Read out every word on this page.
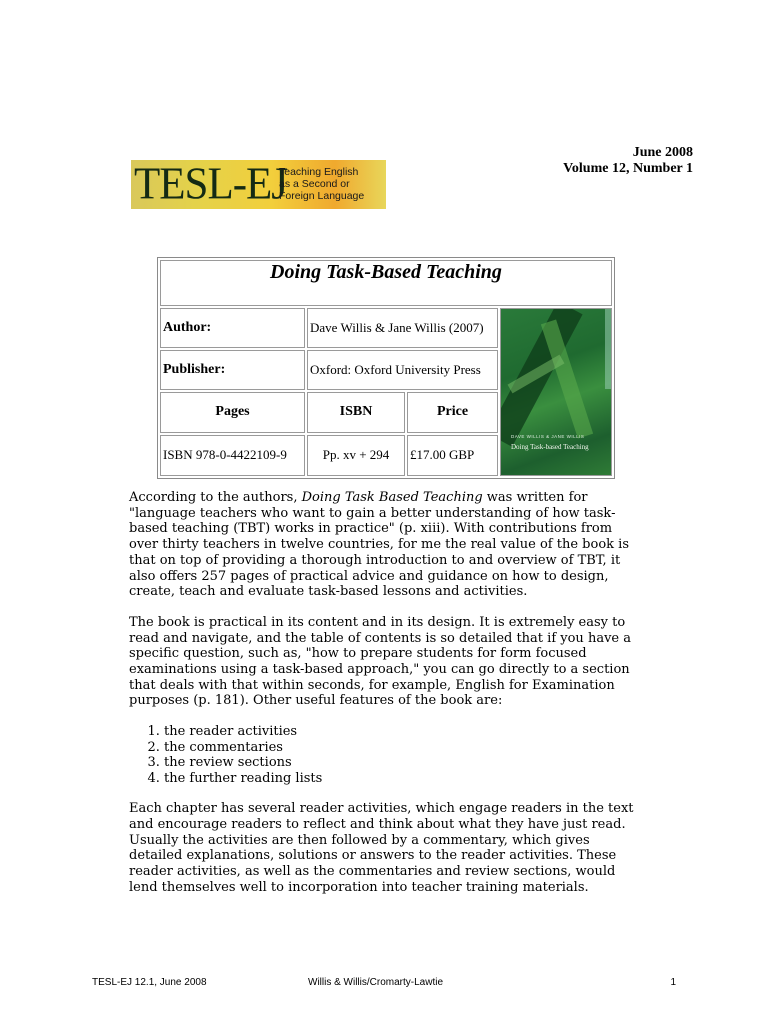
June 2008
Volume 12, Number 1
TESL-EJ
Teaching English
as a Second or
Foreign Language
Doing Task-Based Teaching			
Author:	Dave Willis & Jane Willis (2007)		DAVE WILLIS & JANE WILLIS
Doing Task-based Teaching

Publisher:	Oxford: Oxford University Press		
Pages	ISBN	Price	
ISBN 978-0-4422109-9	Pp. xv + 294	£17.00 GBP	

According to the authors, Doing Task Based Teaching was written for "language teachers who want to gain a better understanding of how task-based teaching (TBT) works in practice" (p. xiii). With contributions from over thirty teachers in twelve countries, for me the real value of the book is that on top of providing a thorough introduction to and overview of TBT, it also offers 257 pages of practical advice and guidance on how to design, create, teach and evaluate task-based lessons and activities.

The book is practical in its content and in its design. It is extremely easy to read and navigate, and the table of contents is so detailed that if you have a specific question, such as, "how to prepare students for form focused examinations using a task-based approach," you can go directly to a section that deals with that within seconds, for example, English for Examination purposes (p. 181). Other useful features of the book are:

1. the reader activities
2. the commentaries
3. the review sections
4. the further reading lists

Each chapter has several reader activities, which engage readers in the text and encourage readers to reflect and think about what they have just read. Usually the activities are then followed by a commentary, which gives detailed explanations, solutions or answers to the reader activities. These reader activities, as well as the commentaries and review sections, would lend themselves well to incorporation into teacher training materials.

TESL-EJ 12.1, June 2008	Willis & Willis/Cromarty-Lawtie	1
